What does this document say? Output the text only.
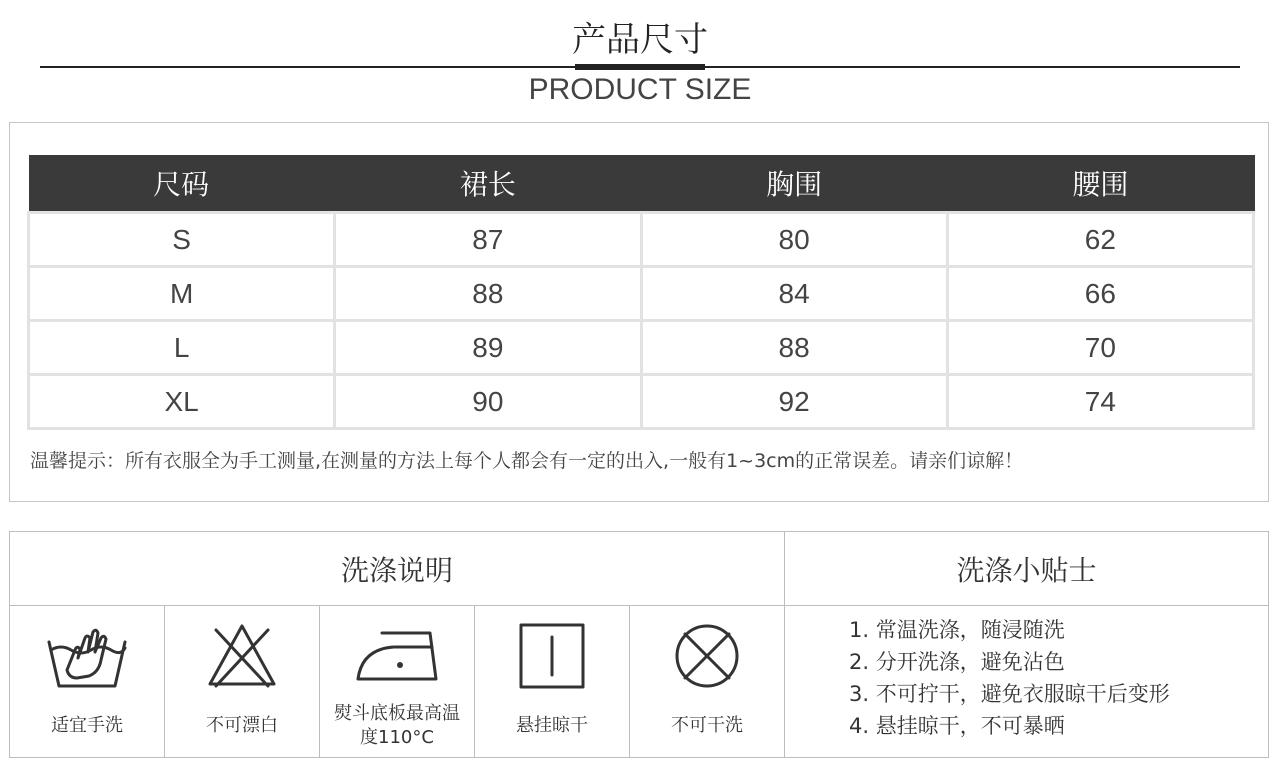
产品尺寸
PRODUCT SIZE
尺码	裙长	胸围	腰围
S	87	80	62
M	88	84	66
L	89	88	70
XL	90	92	74
温馨提示：所有衣服全为手工测量,在测量的方法上每个人都会有一定的出入,一般有1~3cm的正常误差。请亲们谅解！
洗涤说明	洗涤小贴士
适宜手洗	不可漂白
熨斗底板最高温度110°C
悬挂晾干	不可干洗
1. 常温洗涤，随浸随洗
2. 分开洗涤，避免沾色
3. 不可拧干，避免衣服晾干后变形
4. 悬挂晾干，不可暴晒
